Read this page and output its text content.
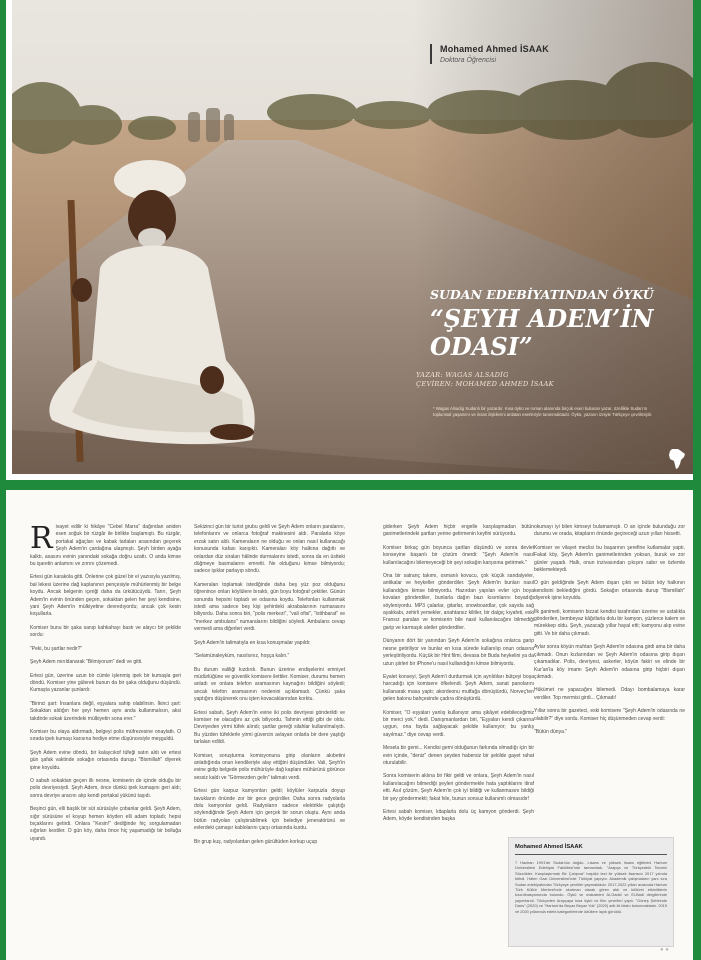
Mohamed Ahmed İSAAK
Doktora Öğrencisi
SUDAN EDEBİYATINDAN ÖYKÜ
“ŞEYH ADEM’İN ODASI”
YAZAR: WAGAS ALSADİG
ÇEVİREN: MOHAMED AHMED İSAAK
* Wagas Alsadig Sudanlı bir yazardır. Kısa öykü ve roman alanında birçok eseri bulunan yazar, özellikle Sudan'ın toplumsal yaşamını ve insan ilişkilerini anlatan eserleriyle tanınmaktadır. Öykü, yazarın izniyle Türkçeye çevrilmiştir.
TASIL AFRİKA	TASIL AFRİKA
R ivayet edilir ki hikâye "Cebel Marra" dağından aniden esen soğuk bir rüzgâr ile birlikte başlamıştı. Bu rüzgâr, portakal ağaçları ve kabak tarlaları arasından geçerek Şeyh Adem'in çardağına ulaşmıştı. Şeyh birden ayağa kalktı, asasını evinin yanındaki sokağa doğru uzattı. O anda kimse bu işaretin anlamını ve zırrını çözemedi.

Ertesi gün karakola gitti. Önlerine çok güzel bir el yazısıyla yazılmış, bal lekesi üzerine dağ kaplanının pençesiyle mühürlenmiş bir belge koydu. Ancak belgenin içeriği daha da ürkütücüydü. Tanrı, Şeyh Adem'in evinin önünden geçen, sokaktan gelen her şeyi kendisine, yani Şeyh Adem'in mülkiyetine devredıyordu; ancak çok kesin koşullarla.

Komiser bunu bir şaka sanıp kahkahayı bastı ve alaycı bir şekilde sordu:

"Peki, bu şartlar nedir?"

Şeyh Adem mırıldanarak "Bilmiyorum" dedi ve gitti.

Ertesi gün, üzerine uzun bir cümle işlenmiş ipek bir kumaşla geri döndü. Komiser yine gülerek bunun da bir şaka olduğunu düşündü. Kumaşta yazanlar şunlardı:

"Birinci şart: İnsanlara değil, eşyalara sahip olabilirsin. İkinci şart: Sokaktan aldığın her şeyi hemen aynı anda kullanmalısın, aksi takdirde sokak üzerindeki mülkiyetin sona erer."

Komiser bu olaya aldırmadı, belgeyi polis müfrezesine onaylattı. O sırada ipek kumaşı karısına hediye etme düşüncesiyle meşguldü.

Şeyh Adem evine döndü, bir kalaycıkof tüfeği satın aldı ve ertesi gün şafak vaktinde sokağın ortasında duruşu "Bismillah" diyerek ipine koyuldu.

O sabah sokaktan geçen ilk nesne, komiserin de içinde olduğu bir polis devriyesiydi. Şeyh Adem, önce dünkü ipek kumaşını geri aldı; sonra devriye aracını alıp kendi portakal yükünü taşıdı.

Beşinci gün, elli başlık bir süt sürüsüyle çobanlar geldi. Şeyh Adem, sığır sürüsüne el koyup hemen köyden elli adam topladı; hepsi bıçaklarını getirdi. Onlara "Kesin!" dediğinde hiç sorgulamadan sığırları kestiler. O gün köy, daha önce hiç yaşamadığı bir bolluğa uyandı.

Sekizinci gün bir turist grubu geldi ve Şeyh Adem onların paralarını, telefonlarını ve onlarca fotoğraf makinesini aldı. Paralarla köye erzak satın aldı. Kameraların ne olduğu ve onları nasıl kullanacağı konusunda kafası karışıktı. Kameraları köy halkına dağıttı ve onlardan düz siraları hâlinde durmalarını istedi, sonra da en üstteki düğmeye basmalarını emretti. Ne olduğunu kimse bilmiyordu; sadece işıklar parlayıp söndü.

Kameraları toplamak istediğinde daha beş yüz poz olduğunu öğrenince onları köylülere bıraktı, gün boyu fotoğraf çektiler. Günün sonunda hepsini topladı ve odasına koydu. Telefonları kullanmak istedi ama sadece beş kişi şehirdeki akrabalarının numarasını biliyordu. Daha sonra biri, "polis merkezi", "vali ofisi", "istihbarat" ve "merkez ambulans" numaralarını bildiğini söyledi. Ambulans cevap vermedi ama diğerleri verdi.

Şeyh Adem'in talimatıyla en kısa konuşmalar yapıldı:

"Selamünaleyküm, nasılsınız, hoşça kalın."

Bu durum valiliği kızdırdı. Bunun üzerine endişelerini emniyet müdürlüğüne ve güvenlik komisere ilettiler. Komiser, durumu hemen anladı ve onlara telefon aramasının kaynağını bildiğini söyledi; ancak telefon aramasının nedenini açıklamadı. Çünkü şaka yaptığını düşünerek onu işten kovacaklarından korktu.

Ertesi sabah, Şeyh Adem'in evine iki polis devriyesi gönderildi ve komiser ne olacağını az çok biliyordu. Tahmin ettiği gibi de oldu. Devriyeden yirmi tüfek alındı; şartlar gereği silahlar kullanılmalıydı. Bu yüzden tüfeklerle yirmi güvercin avlayan onlarla bir dere yaştığı tarlaları edildi.

Komiser, soruşturma komisyonuna girip olanların akıbetini anlattığında onun kendileriyle alay ettiğini düşündüler. Vali, Şeyh'in evine gidip belgede polis mühürüyle dağ kaplanı mühürünü görünce sessiz kaldı ve "Görmezden gelin" talimatı verdi.

Ertesi gün karpuz kamyonları geldi; köylüler karpuzla doyup tavukların önünde zor bir gece geçirdiler. Daha sonra radyolarla dolu kamyonlar geldi. Radyoların sadece elektrikle çalıştığı söylendiğinde Şeyh Adem için gerçek bir sorun oluştu. Aynı anda bütün radyoları çalıştırabilmek için belediye jeneratörünü ve evlerdeki çamaşır kablolarını çarşı ortasında kurdu.

Bir grup kuş, radyolardan gelen gürültüden korkup uçup

giderken Şeyh Adem hiçbir engelle karşılaşmadan bütün ganimetlerindeki şartları yerine getirmenin keyfini sürüyordu.

Komiser birkaç gün boyunca şartları düşündü ve sonra devlet konseyine başarılı bir çözüm önerdi: "Şeyh Adem'in nasıl kullanılacağını bilemeyeceği bir şeyi sokağın karşısına getirmek."

Ona bir satranç takımı, osmanlı kovucu, çok küçük sandalyeler, antikalar ve heykeller gönderdiler. Şeyh Adem'in bunları nasıl kullandığını kimse bilmiyordu. Hazırdan yapılan evler için boya kovaları gönderdiler, bunlarla dağın bazı kısımlarını boyadığı söyleniyordu. MP3 çalarlar, gitarlar, snowboardlar, çok sayıda sağ ayakkabı, zehirli yemekler, anahtarsız kilitler, bir dalgıç kıyafeti, eski Fransız paraları ve komiserin bile nasıl kullanılacağını bilmediği garip ve karmaşık aletler gönderdiler.

Dünyanın dört bir yanından Şeyh Adem'in sokağına onlarca garip nesne getiriliyor ve bunlar en kısa sürede kullanılıp onun odasına yerleştiriliyordu. Küçük bir Hint filmi, devasa bir Buda heykelini ya da uzun şiirleri bir iPhone'u nasıl kullandığını kimse bilmiyordu.

Eyalet konseyi, Şeyh Adem'i durdurmak için ayrıldıları bütçeyi boşa harcadığı için komisere öfkelendi. Şeyh Adem, sanat panolarını kullanarak masa yaptı; akordeonu mutfağa dönüştürdü, Norveç'ten gelen balonu bahçesinde çadıra dönüştürdü.

Komiser, "O eşyaları yanlış kullanıyor ama şikâyet edebileceğimiz bir merci yok." dedi. Danışmanlardan biri, "Eşyaları kendi çıkarına uygun, ona fayda sağlayacak şekilde kullanıyor; bu yanlış sayılmaz." diye cevap verdi.

Mesela bir gemi... Kendisi gemi olduğunun farkında olmadığı için bir evin içinde, "deniz" denen şeyden habersiz bir şekilde gayet rahat oturulabilir.

Sonra komiserin aklına bir fikir geldi ve onlara, Şeyh Adem'in nasıl kullanılacağını bilmediği şeyleri göndermekle hata yaptıklarını itiraf etti. Asıl çözüm, Şeyh Adem'in çok iyi bildiği ve kullanmasını bildiği bir şey göndermekti; fakat hile, bunun sonsuz kullanımlı olmasıdır!

Ertesi sabah komiser, kitaplarla dolu üç kamyon gönderdi. Şeyh Adem, köyde kendisinden başka

okumayı iyi bilen kimseyi bulamamıştı. O an içinde bulunduğu zor durumu ve orada, kitapların önünde geçireceği uzun yılları hissetti.

Komiser ve vilayet meclisi bu başarının şerefine kutlamalar yaptı. Fakat köy, Şeyh Adem'in ganimetlerinden yoksun, buruk ve zor günler yaşadı. Halk, onun inzivasından çıkışını sabır ve özlemle beklemekteydi.

O gün geldiğinde Şeyh Adem dışarı çıktı ve bütün köy halkının kendisini beklediğini gördü. Sokağın ortasında durup "Bismillah" diyerek işine koyuldu.

İlk ganimeti, komiserin bizzat kendisi tarafından üzerine ve ustalıkla gönderilen, bembeyaz kâğıtlarla dolu bir kamyon, yüzlerce kalem ve mürekkep oldu. Şeyh, yazacağı yıllar hayal etti; kamyonu alıp evine gitti. Ve bir daha çıkmadı.

Aylar sonra köyün muhtarı Şeyh Adem'in odasına girdi ama bir daha çıkmadı. Onun kızlarından ve Şeyh Adem'in odasına girip dışarı çıkamadılar. Polis, devriyesi, askerler, köyün fakiri ve elinde bir Kur'an'la köy imamı Şeyh Adem'in odasına girip hiçbiri dışarı çıkmadı.

Hükümet ne yapacağını bilemedi. Odayı bombalamaya karar verdiler. Top mermisi girdi... Çıkmadı!

Yıllar sonra bir gazeteci, eski komisere "Şeyh Adem'in odasında ne olabilir?" diye sordu. Komiser hiç düşünmeden cevap verdi:

"Bütün dünya."

Mohamed Ahmed İSAAK
7 Haziran 1991'de Sudan'da doğdu. Lisans ve yüksek lisans eğitimini Hartum Üniversitesi Edebiyat Fakültesi'nde tamamladı. "Arapça ve Türkçedeki Tanımlı Sözcükler: Karşılaştırmalı Bir Çalışma" başlıklı tezi ile yüksek lisansını 2017 yılında bitirdi. Hâlen Gazi Üniversitesi'nde Türkiyat yapıyor. Akademik çalışmaların yanı sıra Sudan edebiyatından Türkçeye çeviriler yapmaktadır. 2017-2022 yılları arasında Hartum Türk Kültür Merkezi'nde okutman olarak görev aldı ve kültürel etkinliklerin koordinasyonunda bulundu. Öykü ve makaleleri Al-Gadid ve El-Badi dergilerinde yayımlandı. Türkçeden Arapçaya kısa öykü ve film çevirileri yaptı. "Güneş Şehirinde Dans" (2020) ve "Hartum'da Beyaz Beyaz Yok" (2020) adlı iki kitabı bulunmaktadır. 2015 ve 2020 yıllarında edebi kategorilerinde ödüllere layık görüldü.
● ●
